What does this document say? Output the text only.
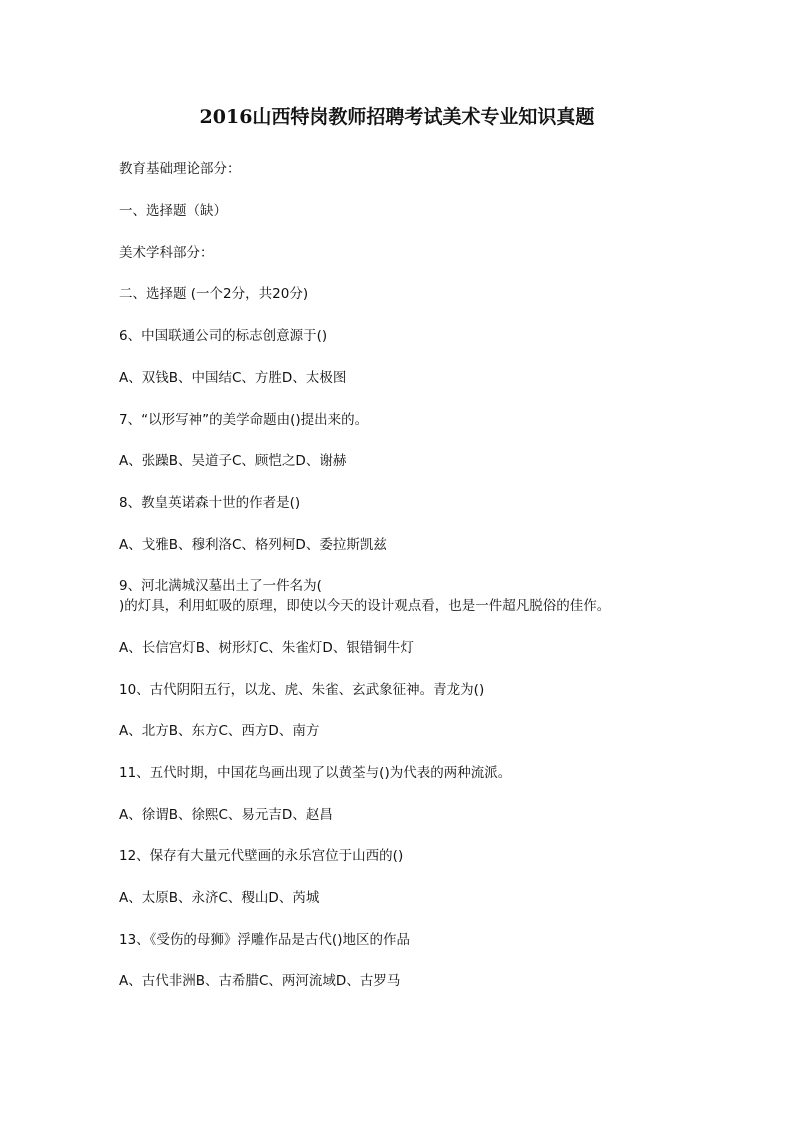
2016山西特岗教师招聘考试美术专业知识真题
教育基础理论部分：
一、选择题（缺）
美术学科部分：
二、选择题 (一个2分，共20分)
6、中国联通公司的标志创意源于()
A、双钱B、中国结C、方胜D、太极图
7、“以形写神”的美学命题由()提出来的。
A、张躁B、吴道子C、顾恺之D、谢赫
8、教皇英诺森十世的作者是()
A、戈雅B、穆利洛C、格列柯D、委拉斯凯兹
9、河北满城汉墓出土了一件名为(
)的灯具，利用虹吸的原理，即使以今天的设计观点看，也是一件超凡脱俗的佳作。
A、长信宫灯B、树形灯C、朱雀灯D、银错铜牛灯
10、古代阴阳五行，以龙、虎、朱雀、玄武象征神。青龙为()
A、北方B、东方C、西方D、南方
11、五代时期，中国花鸟画出现了以黄荃与()为代表的两种流派。
A、徐谓B、徐熙C、易元吉D、赵昌
12、保存有大量元代壁画的永乐宫位于山西的()
A、太原B、永济C、稷山D、芮城
13、《受伤的母狮》浮雕作品是古代()地区的作品
A、古代非洲B、古希腊C、两河流域D、古罗马
